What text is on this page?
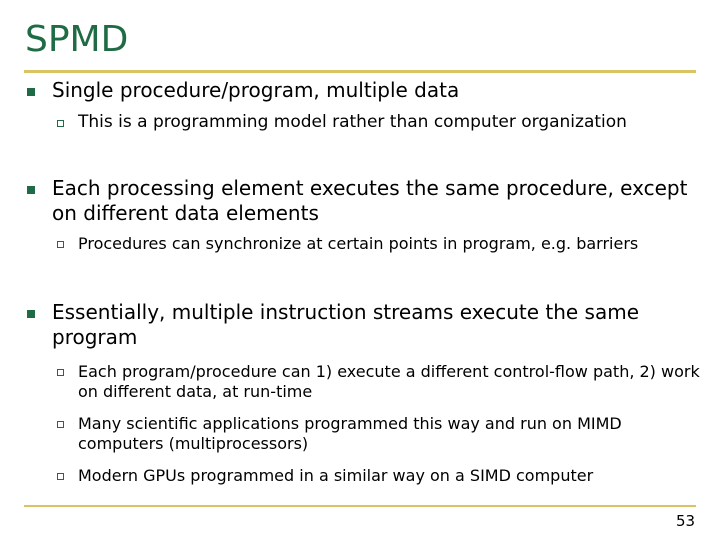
SPMD
Single procedure/program, multiple data
This is a programming model rather than computer organization
Each processing element executes the same procedure, except on different data elements
Procedures can synchronize at certain points in program, e.g. barriers
Essentially, multiple instruction streams execute the same program
Each program/procedure can 1) execute a different control-flow path, 2) work on different data, at run-time
Many scientific applications programmed this way and run on MIMD computers (multiprocessors)
Modern GPUs programmed in a similar way on a SIMD computer
53
